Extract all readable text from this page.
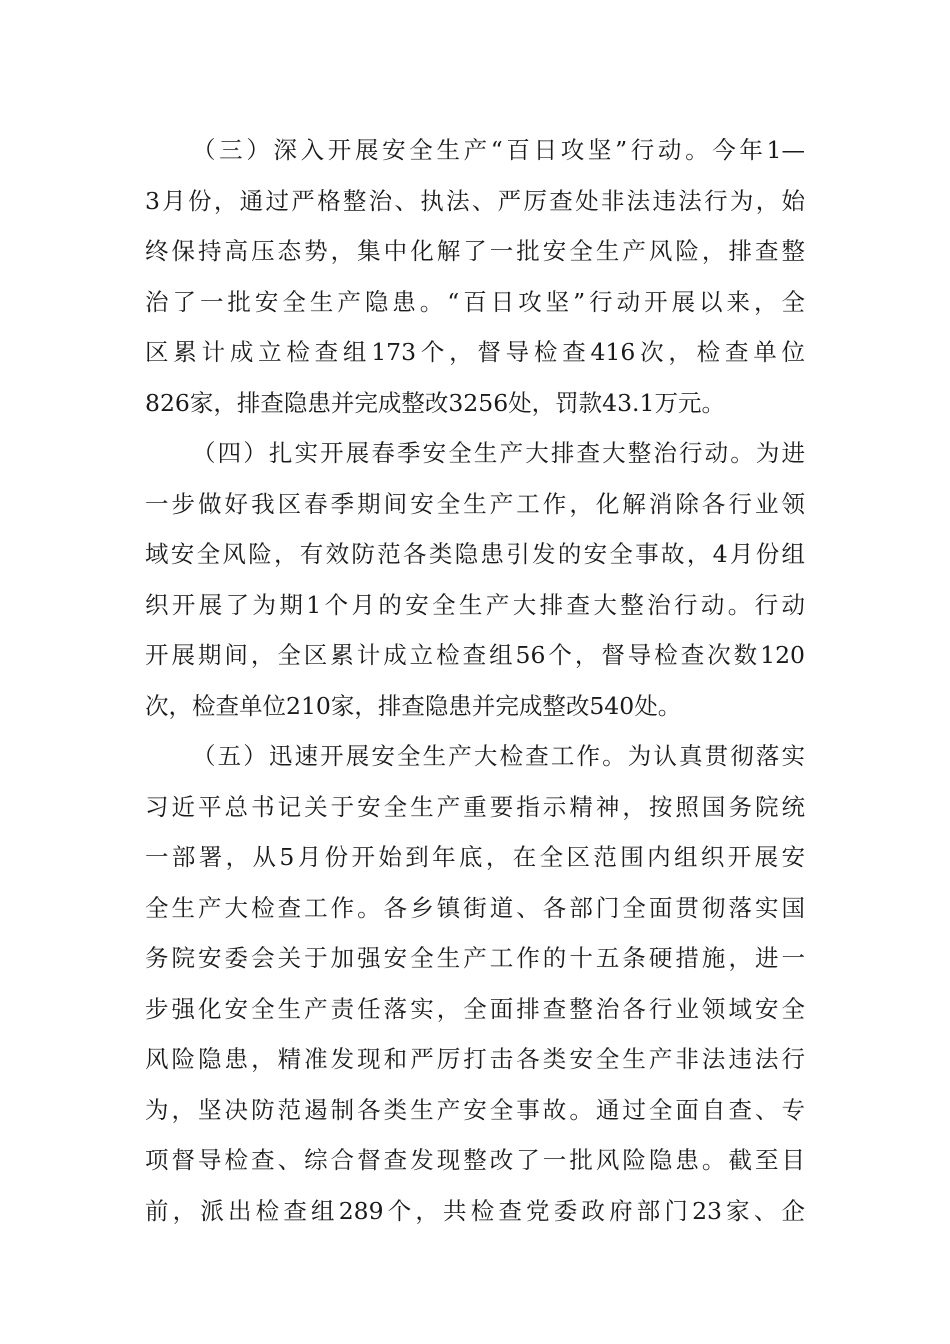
（三）深入开展安全生产“百日攻坚”行动。今年1—
3月份，通过严格整治、执法、严厉查处非法违法行为，始
终保持高压态势，集中化解了一批安全生产风险，排查整
治了一批安全生产隐患。“百日攻坚”行动开展以来，全
区累计成立检查组173个，督导检查416次，检查单位
826家，排查隐患并完成整改3256处，罚款43.1万元。
（四）扎实开展春季安全生产大排查大整治行动。为进
一步做好我区春季期间安全生产工作，化解消除各行业领
域安全风险，有效防范各类隐患引发的安全事故，4月份组
织开展了为期1个月的安全生产大排查大整治行动。行动
开展期间，全区累计成立检查组56个，督导检查次数120
次，检查单位210家，排查隐患并完成整改540处。
（五）迅速开展安全生产大检查工作。为认真贯彻落实
习近平总书记关于安全生产重要指示精神，按照国务院统
一部署，从5月份开始到年底，在全区范围内组织开展安
全生产大检查工作。各乡镇街道、各部门全面贯彻落实国
务院安委会关于加强安全生产工作的十五条硬措施，进一
步强化安全生产责任落实，全面排查整治各行业领域安全
风险隐患，精准发现和严厉打击各类安全生产非法违法行
为，坚决防范遏制各类生产安全事故。通过全面自查、专
项督导检查、综合督查发现整改了一批风险隐患。截至目
前，派出检查组289个，共检查党委政府部门23家、企
